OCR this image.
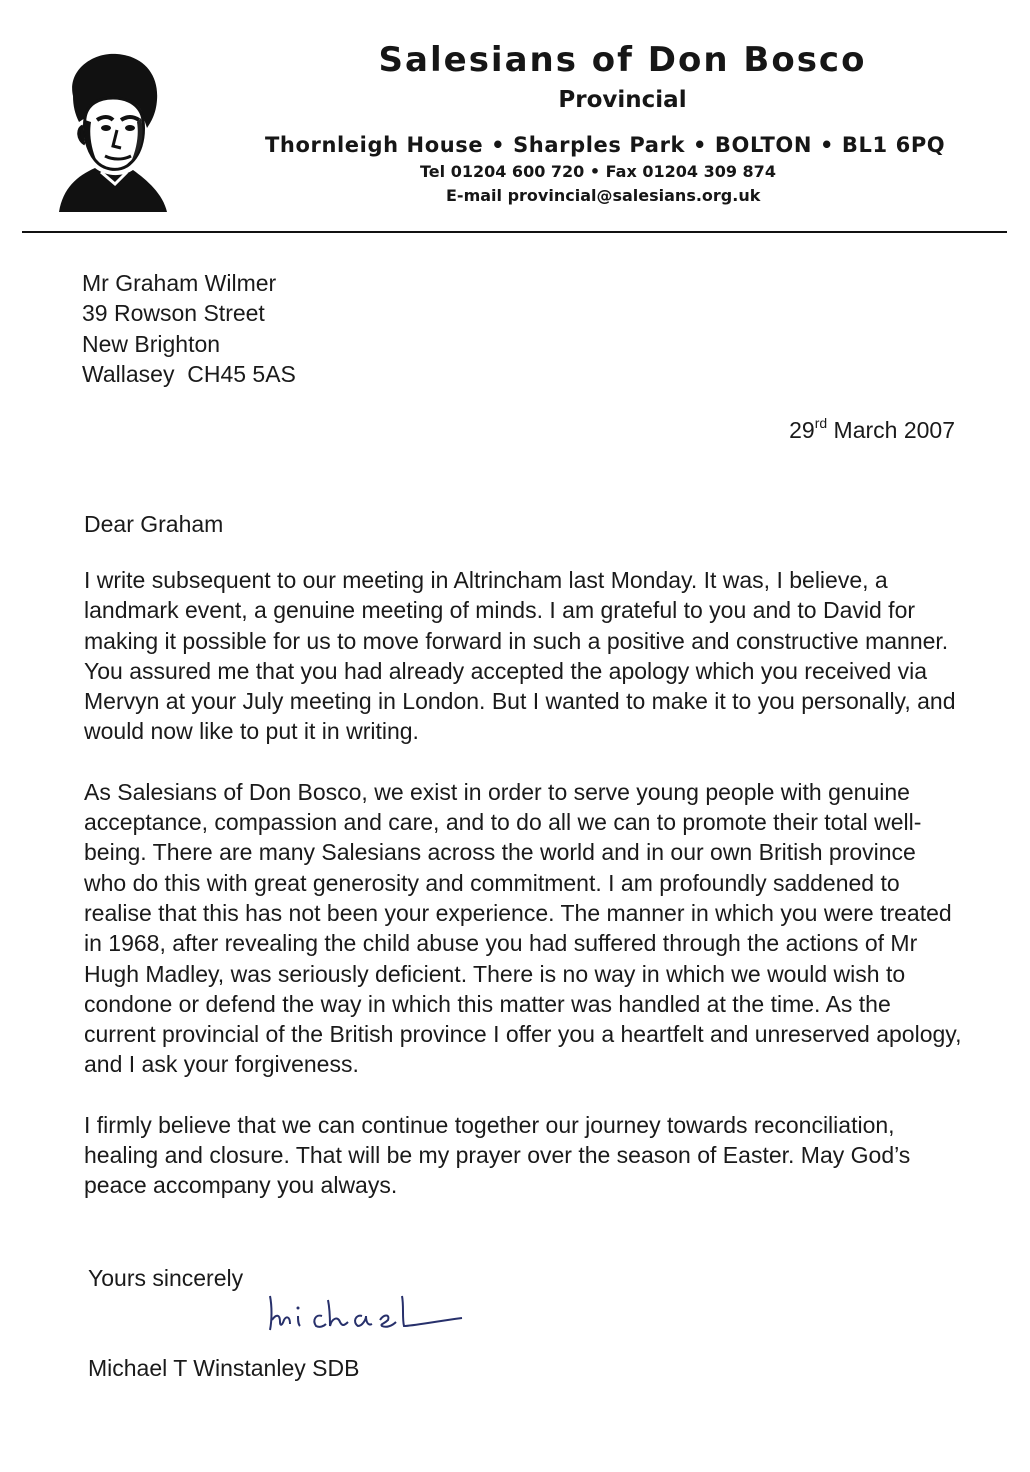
Salesians of Don Bosco
Provincial
Thornleigh House • Sharples Park • BOLTON • BL1 6PQ
Tel 01204 600 720 • Fax 01204 309 874
E-mail provincial@salesians.org.uk
Mr Graham Wilmer
39 Rowson Street
New Brighton
Wallasey  CH45 5AS
29rd March 2007
Dear Graham

I write subsequent to our meeting in Altrincham last Monday. It was, I believe, a landmark event, a genuine meeting of minds. I am grateful to you and to David for making it possible for us to move forward in such a positive and constructive manner. You assured me that you had already accepted the apology which you received via Mervyn at your July meeting in London. But I wanted to make it to you personally, and would now like to put it in writing.

As Salesians of Don Bosco, we exist in order to serve young people with genuine acceptance, compassion and care, and to do all we can to promote their total well-being. There are many Salesians across the world and in our own British province who do this with great generosity and commitment. I am profoundly saddened to realise that this has not been your experience. The manner in which you were treated in 1968, after revealing the child abuse you had suffered through the actions of Mr Hugh Madley, was seriously deficient. There is no way in which we would wish to condone or defend the way in which this matter was handled at the time. As the current provincial of the British province I offer you a heartfelt and unreserved apology, and I ask your forgiveness.

I firmly believe that we can continue together our journey towards reconciliation, healing and closure. That will be my prayer over the season of Easter. May God’s peace accompany you always.

Yours sincerely
Michael T Winstanley SDB
